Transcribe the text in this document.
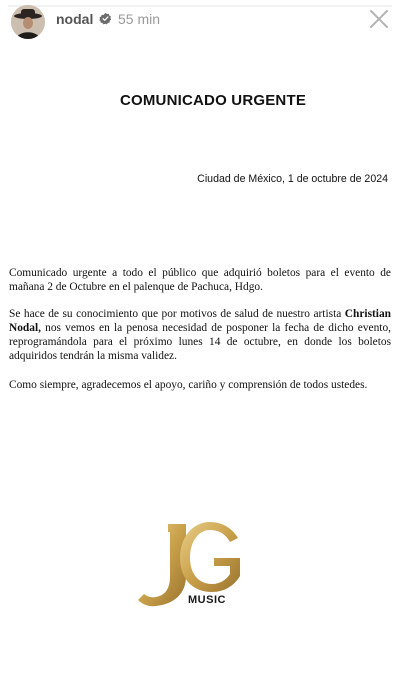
nodal 55 min
COMUNICADO URGENTE
Ciudad de México, 1 de octubre de 2024
Comunicado urgente a todo el público que adquirió boletos para el evento de mañana 2 de Octubre en el palenque de Pachuca, Hdgo.
Se hace de su conocimiento que por motivos de salud de nuestro artista Christian Nodal, nos vemos en la penosa necesidad de posponer la fecha de dicho evento, reprogramándola para el próximo lunes 14 de octubre, en donde los boletos adquiridos tendrán la misma validez.
Como siempre, agradecemos el apoyo, cariño y comprensión de todos ustedes.
MUSIC
